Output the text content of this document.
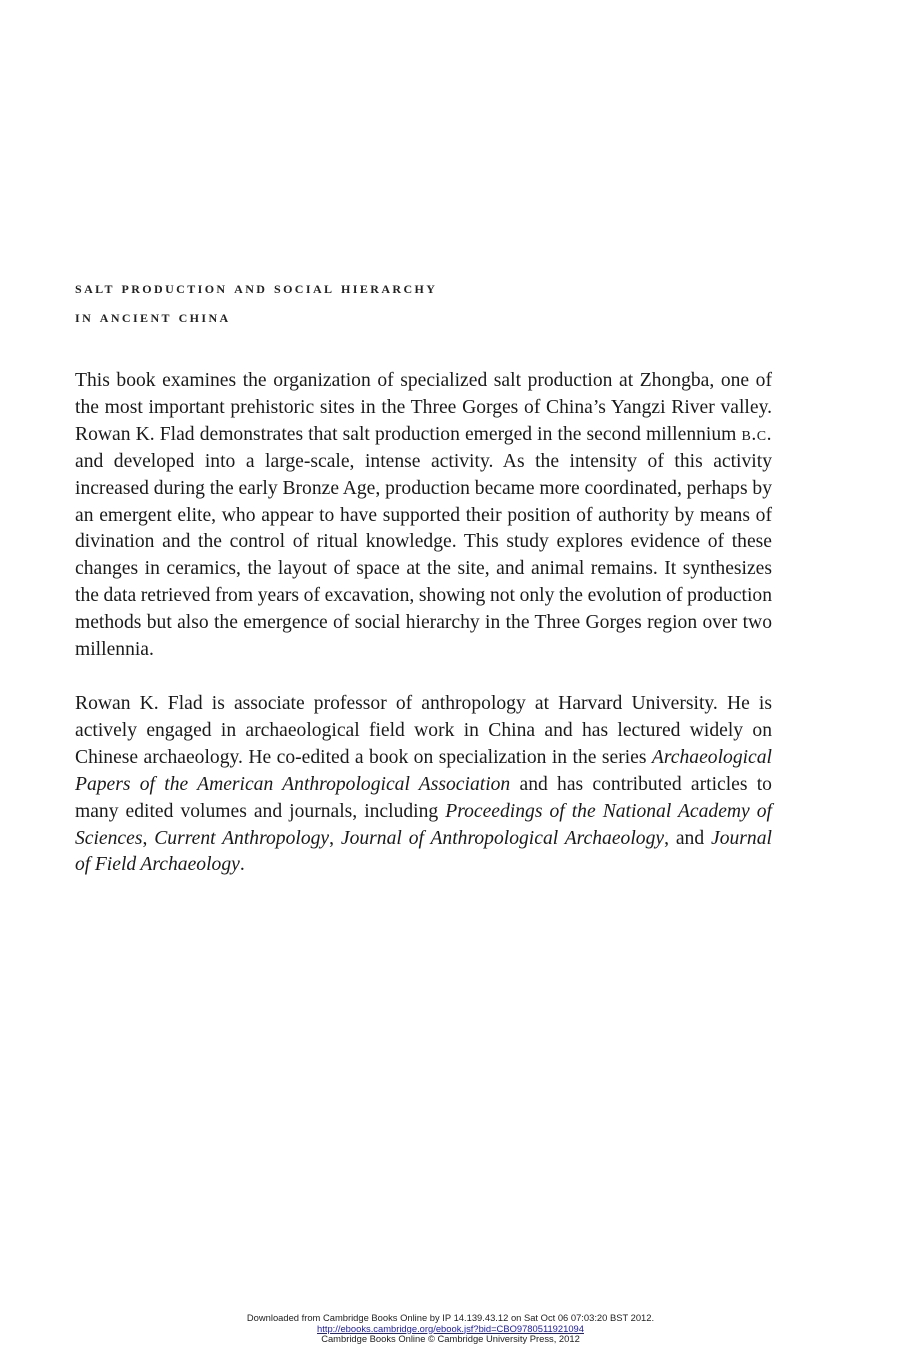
salt production and social hierarchy
in ancient china
This book examines the organization of specialized salt production at Zhongba, one of the most important prehistoric sites in the Three Gorges of China’s Yangzi River valley. Rowan K. Flad demonstrates that salt production emerged in the second millennium b.c. and developed into a large-scale, intense activity. As the intensity of this activity increased during the early Bronze Age, production became more coordinated, perhaps by an emergent elite, who appear to have supported their position of authority by means of divination and the control of ritual knowledge. This study explores evidence of these changes in ceramics, the layout of space at the site, and animal remains. It synthesizes the data retrieved from years of excavation, showing not only the evolution of production methods but also the emergence of social hierarchy in the Three Gorges region over two millennia.
Rowan K. Flad is associate professor of anthropology at Harvard University. He is actively engaged in archaeological field work in China and has lectured widely on Chinese archaeology. He co-edited a book on specialization in the series Archaeological Papers of the American Anthropological Association and has contributed articles to many edited volumes and journals, including Proceedings of the National Academy of Sciences, Current Anthropology, Journal of Anthropological Archaeology, and Journal of Field Archaeology.
Downloaded from Cambridge Books Online by IP 14.139.43.12 on Sat Oct 06 07:03:20 BST 2012.
http://ebooks.cambridge.org/ebook.jsf?bid=CBO9780511921094
Cambridge Books Online © Cambridge University Press, 2012
